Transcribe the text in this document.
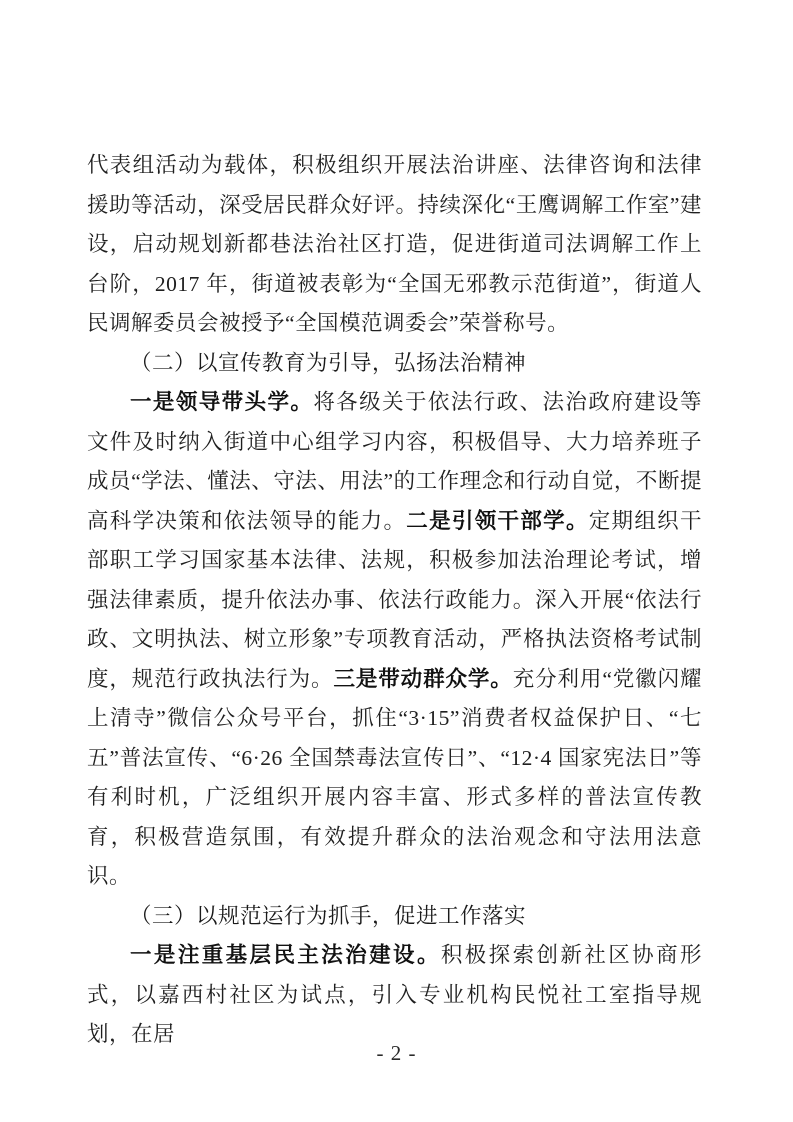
代表组活动为载体，积极组织开展法治讲座、法律咨询和法律援助等活动，深受居民群众好评。持续深化“王鹰调解工作室”建设，启动规划新都巷法治社区打造，促进街道司法调解工作上台阶，2017 年，街道被表彰为“全国无邪教示范街道”，街道人民调解委员会被授予“全国模范调委会”荣誉称号。

（二）以宣传教育为引导，弘扬法治精神

一是领导带头学。将各级关于依法行政、法治政府建设等文件及时纳入街道中心组学习内容，积极倡导、大力培养班子成员“学法、懂法、守法、用法”的工作理念和行动自觉，不断提高科学决策和依法领导的能力。二是引领干部学。定期组织干部职工学习国家基本法律、法规，积极参加法治理论考试，增强法律素质，提升依法办事、依法行政能力。深入开展“依法行政、文明执法、树立形象”专项教育活动，严格执法资格考试制度，规范行政执法行为。三是带动群众学。充分利用“党徽闪耀上清寺”微信公众号平台，抓住“3·15”消费者权益保护日、“七五”普法宣传、“6·26 全国禁毒法宣传日”、“12·4 国家宪法日”等有利时机，广泛组织开展内容丰富、形式多样的普法宣传教育，积极营造氛围，有效提升群众的法治观念和守法用法意识。

（三）以规范运行为抓手，促进工作落实

一是注重基层民主法治建设。积极探索创新社区协商形式，以嘉西村社区为试点，引入专业机构民悦社工室指导规划，在居

- 2 -
